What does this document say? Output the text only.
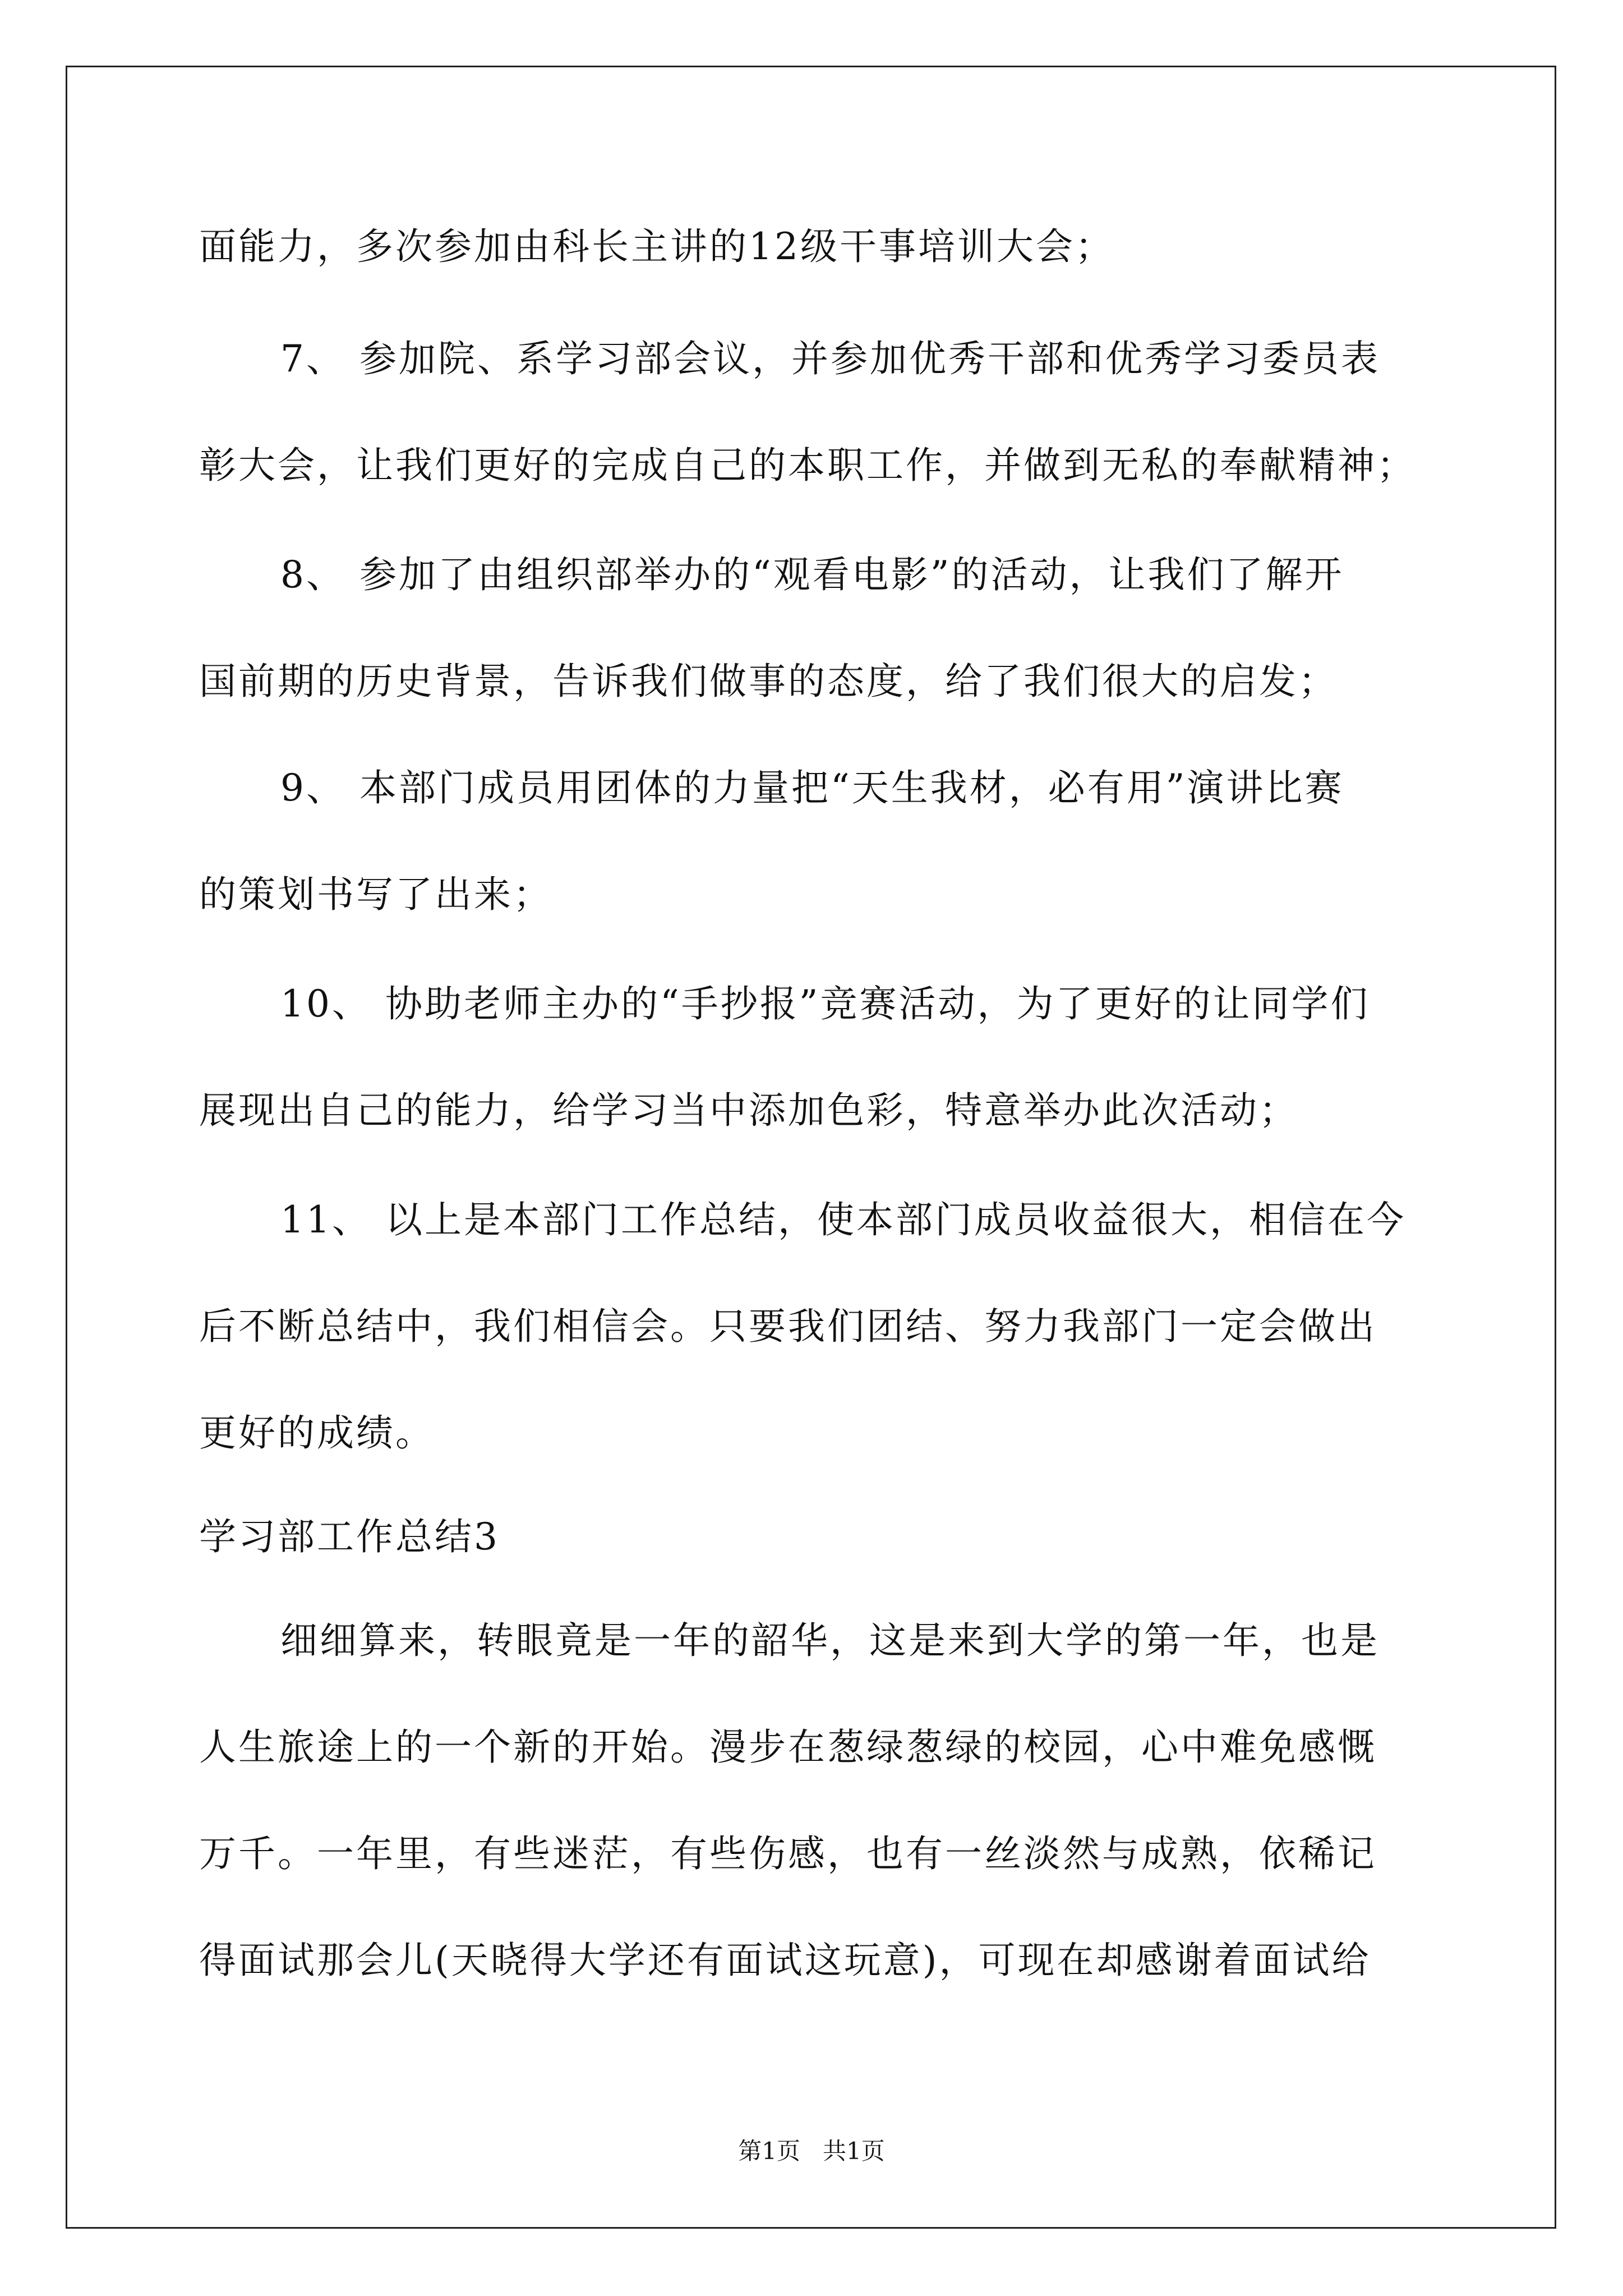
面能力，多次参加由科长主讲的12级干事培训大会；
7、 参加院、系学习部会议，并参加优秀干部和优秀学习委员表
彰大会，让我们更好的完成自己的本职工作，并做到无私的奉献精神；
8、 参加了由组织部举办的“观看电影”的活动，让我们了解开
国前期的历史背景，告诉我们做事的态度，给了我们很大的启发；
9、 本部门成员用团体的力量把“天生我材，必有用”演讲比赛
的策划书写了出来；
10、 协助老师主办的“手抄报”竞赛活动，为了更好的让同学们
展现出自己的能力，给学习当中添加色彩，特意举办此次活动；
11、 以上是本部门工作总结，使本部门成员收益很大，相信在今
后不断总结中，我们相信会。只要我们团结、努力我部门一定会做出
更好的成绩。
学习部工作总结3
细细算来，转眼竟是一年的韶华，这是来到大学的第一年，也是
人生旅途上的一个新的开始。漫步在葱绿葱绿的校园，心中难免感慨
万千。一年里，有些迷茫，有些伤感，也有一丝淡然与成熟，依稀记
得面试那会儿(天晓得大学还有面试这玩意)，可现在却感谢着面试给
第1页   共1页
